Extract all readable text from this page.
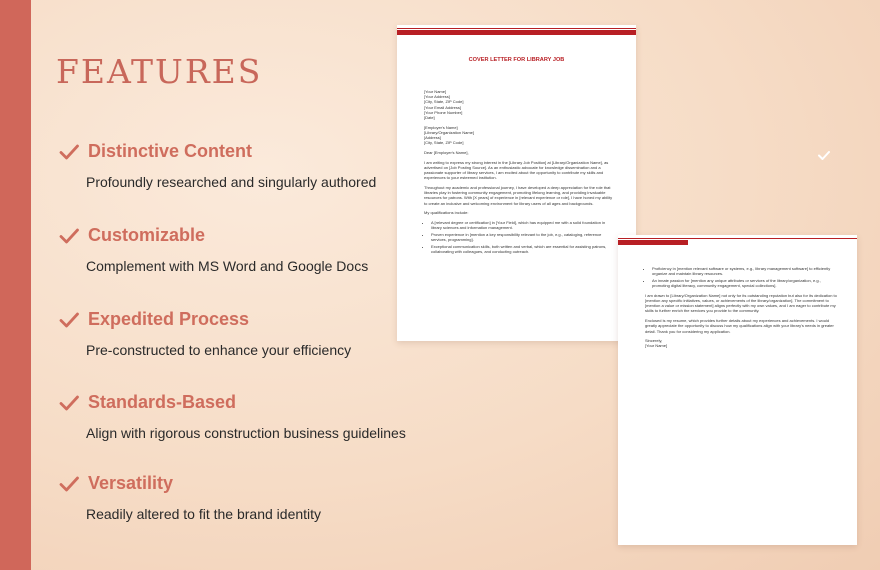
FEATURES
Distinctive Content
Profoundly researched and singularly authored
Customizable
Complement with MS Word and Google Docs
Expedited Process
Pre-constructed to enhance your efficiency
Standards-Based
Align with rigorous construction business guidelines
Versatility
Readily altered to fit the brand identity
COVER LETTER FOR LIBRARY JOB

[Your Name]
[Your Address]
[City, State, ZIP Code]
[Your Email Address]
[Your Phone Number]
[Date]

[Employer's Name]
[Library/Organization Name]
[Address]
[City, State, ZIP Code]

Dear [Employer's Name],

I am writing to express my strong interest in the [Library Job Position] at [Library/Organization Name], as advertised on [Job Posting Source]. As an enthusiastic advocate for knowledge dissemination and a passionate supporter of library services, I am excited about the opportunity to contribute my skills and experiences to your esteemed institution.

Throughout my academic and professional journey, I have developed a deep appreciation for the role that libraries play in fostering community engagement, promoting lifelong learning, and providing invaluable resources for patrons. With [X years] of experience in [relevant experience or role], I have honed my ability to create an inclusive and welcoming environment for library users of all ages and backgrounds.

My qualifications include:

• A [relevant degree or certification] in [Your Field], which has equipped me with a solid foundation in library sciences and information management.
• Proven experience in [mention a key responsibility relevant to the job, e.g., cataloging, reference services, programming].
• Exceptional communication skills, both written and verbal, which are essential for assisting patrons, collaborating with colleagues, and conducting outreach.
• Proficiency in [mention relevant software or systems, e.g., library management software] to efficiently organize and maintain library resources.
• An innate passion for [mention any unique attributes or services of the library/organization, e.g., promoting digital literacy, community engagement, special collections].

I am drawn to [Library/Organization Name] not only for its outstanding reputation but also for its dedication to [mention any specific initiatives, values, or achievements of the library/organization]. The commitment to [mention a value or mission statement] aligns perfectly with my own values, and I am eager to contribute my skills to further enrich the services you provide to the community.

Enclosed is my resume, which provides further details about my experiences and achievements. I would greatly appreciate the opportunity to discuss how my qualifications align with your library's needs in greater detail. Thank you for considering my application.

Sincerely,
[Your Name]
